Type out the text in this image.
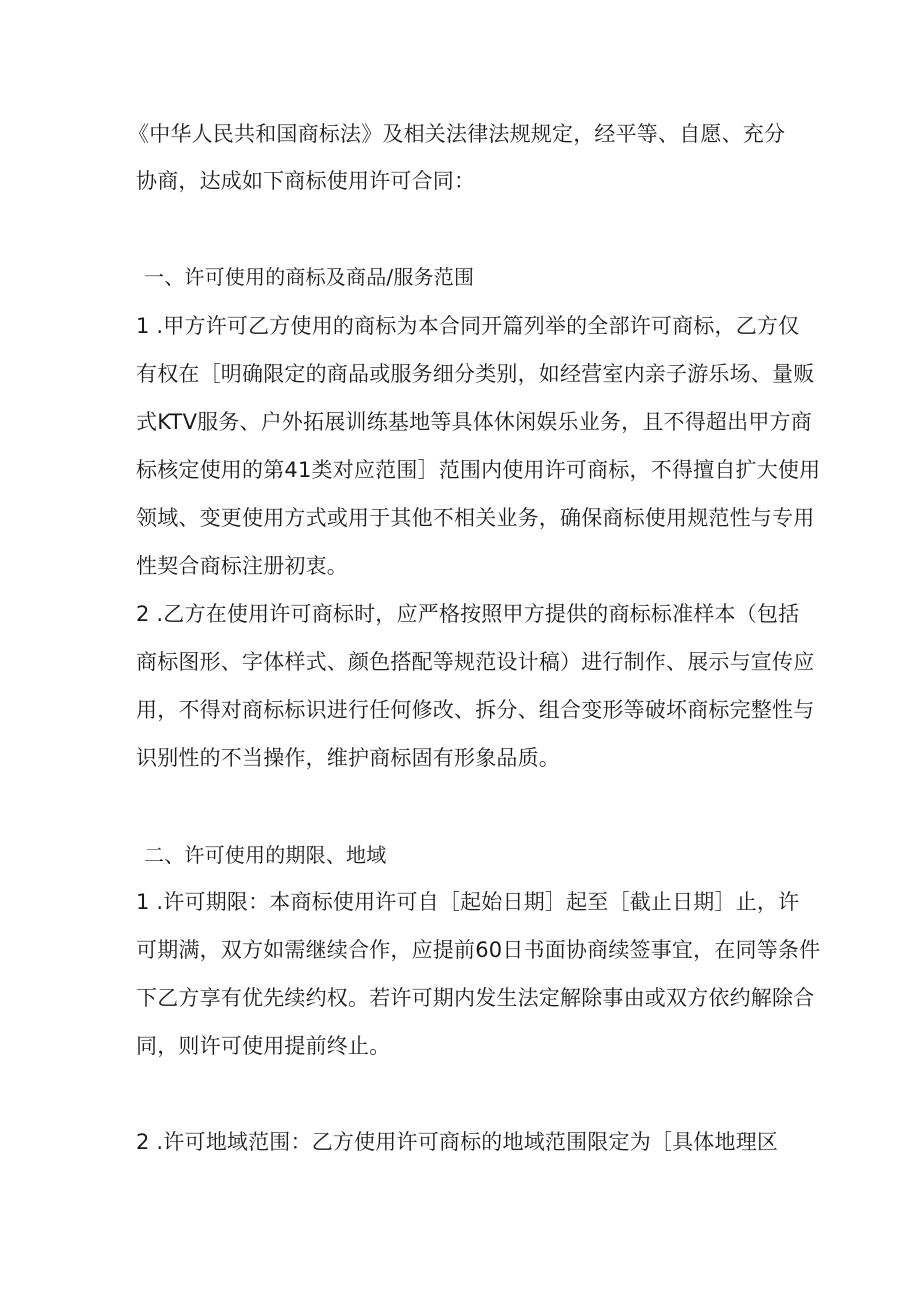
《中华人民共和国商标法》及相关法律法规规定，经平等、自愿、充分
协商，达成如下商标使用许可合同：
一、许可使用的商标及商品/服务范围
1 .甲方许可乙方使用的商标为本合同开篇列举的全部许可商标，乙方仅
有权在［明确限定的商品或服务细分类别，如经营室内亲子游乐场、量贩
式KTV服务、户外拓展训练基地等具体休闲娱乐业务，且不得超出甲方商
标核定使用的第41类对应范围］范围内使用许可商标，不得擅自扩大使用
领域、变更使用方式或用于其他不相关业务，确保商标使用规范性与专用
性契合商标注册初衷。
2 .乙方在使用许可商标时，应严格按照甲方提供的商标标准样本（包括
商标图形、字体样式、颜色搭配等规范设计稿）进行制作、展示与宣传应
用，不得对商标标识进行任何修改、拆分、组合变形等破坏商标完整性与
识别性的不当操作，维护商标固有形象品质。
二、许可使用的期限、地域
1 .许可期限：本商标使用许可自［起始日期］起至［截止日期］止，许
可期满，双方如需继续合作，应提前60日书面协商续签事宜，在同等条件
下乙方享有优先续约权。若许可期内发生法定解除事由或双方依约解除合
同，则许可使用提前终止。
2 .许可地域范围：乙方使用许可商标的地域范围限定为［具体地理区
